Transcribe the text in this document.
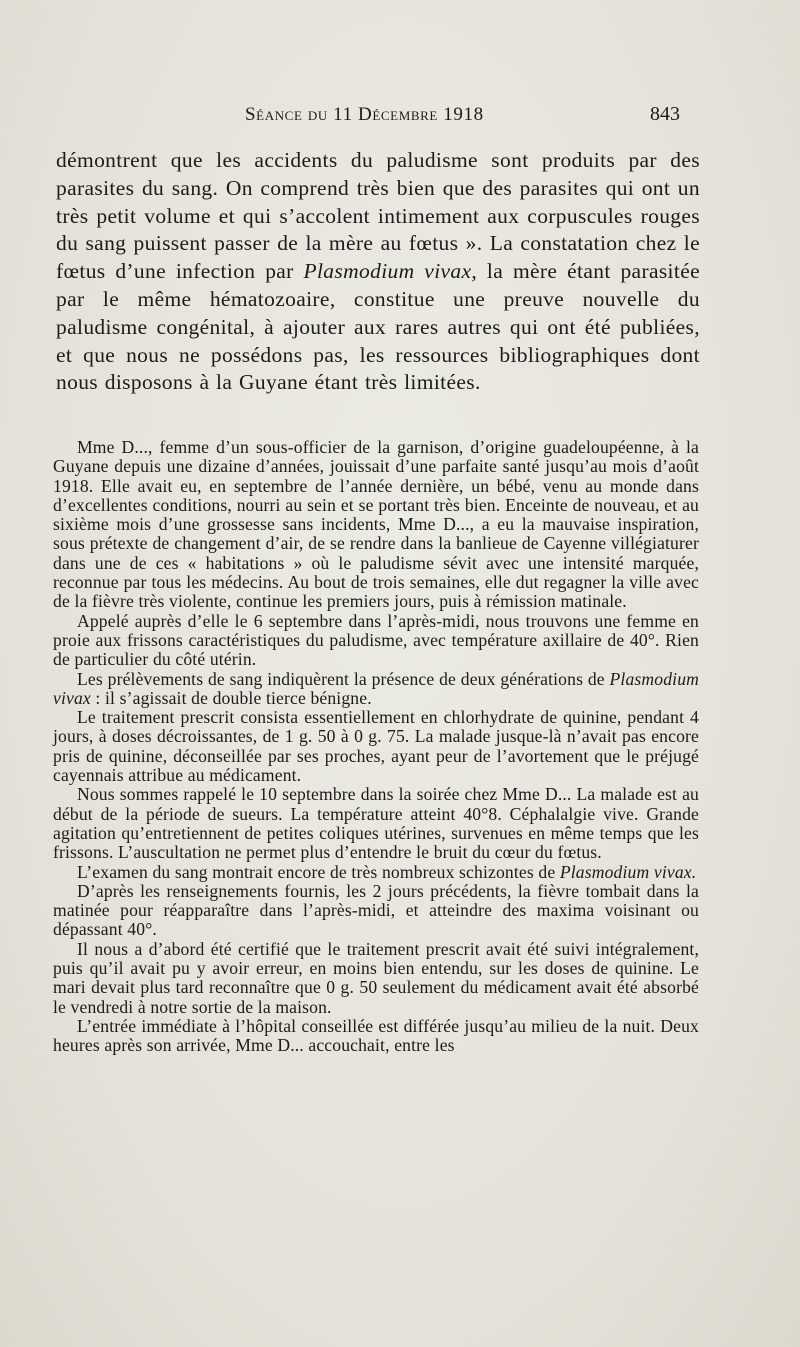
Séance du 11 Décembre 1918	843

démontrent que les accidents du paludisme sont produits par des parasites du sang. On comprend très bien que des parasites qui ont un très petit volume et qui s’accolent intimement aux corpuscules rouges du sang puissent passer de la mère au fœtus ». La constatation chez le fœtus d’une infection par Plasmodium vivax, la mère étant parasitée par le même hématozoaire, constitue une preuve nouvelle du paludisme congénital, à ajouter aux rares autres qui ont été publiées, et que nous ne possédons pas, les ressources bibliographiques dont nous disposons à la Guyane étant très limitées.

Mme D..., femme d’un sous-officier de la garnison, d’origine guadeloupéenne, à la Guyane depuis une dizaine d’années, jouissait d’une parfaite santé jusqu’au mois d’août 1918. Elle avait eu, en septembre de l’année dernière, un bébé, venu au monde dans d’excellentes conditions, nourri au sein et se portant très bien. Enceinte de nouveau, et au sixième mois d’une grossesse sans incidents, Mme D..., a eu la mauvaise inspiration, sous prétexte de changement d’air, de se rendre dans la banlieue de Cayenne villégiaturer dans une de ces « habitations » où le paludisme sévit avec une intensité marquée, reconnue par tous les médecins. Au bout de trois semaines, elle dut regagner la ville avec de la fièvre très violente, continue les premiers jours, puis à rémission matinale.

Appelé auprès d’elle le 6 septembre dans l’après-midi, nous trouvons une femme en proie aux frissons caractéristiques du paludisme, avec température axillaire de 40°. Rien de particulier du côté utérin.

Les prélèvements de sang indiquèrent la présence de deux générations de Plasmodium vivax : il s’agissait de double tierce bénigne.

Le traitement prescrit consista essentiellement en chlorhydrate de quinine, pendant 4 jours, à doses décroissantes, de 1 g. 50 à 0 g. 75. La malade jusque-là n’avait pas encore pris de quinine, déconseillée par ses proches, ayant peur de l’avortement que le préjugé cayennais attribue au médicament.

Nous sommes rappelé le 10 septembre dans la soirée chez Mme D... La malade est au début de la période de sueurs. La température atteint 40°8. Céphalalgie vive. Grande agitation qu’entretiennent de petites coliques utérines, survenues en même temps que les frissons. L’auscultation ne permet plus d’entendre le bruit du cœur du fœtus.

L’examen du sang montrait encore de très nombreux schizontes de Plasmodium vivax.

D’après les renseignements fournis, les 2 jours précédents, la fièvre tombait dans la matinée pour réapparaître dans l’après-midi, et atteindre des maxima voisinant ou dépassant 40°.

Il nous a d’abord été certifié que le traitement prescrit avait été suivi intégralement, puis qu’il avait pu y avoir erreur, en moins bien entendu, sur les doses de quinine. Le mari devait plus tard reconnaître que 0 g. 50 seulement du médicament avait été absorbé le vendredi à notre sortie de la maison.

L’entrée immédiate à l’hôpital conseillée est différée jusqu’au milieu de la nuit. Deux heures après son arrivée, Mme D... accouchait, entre les
